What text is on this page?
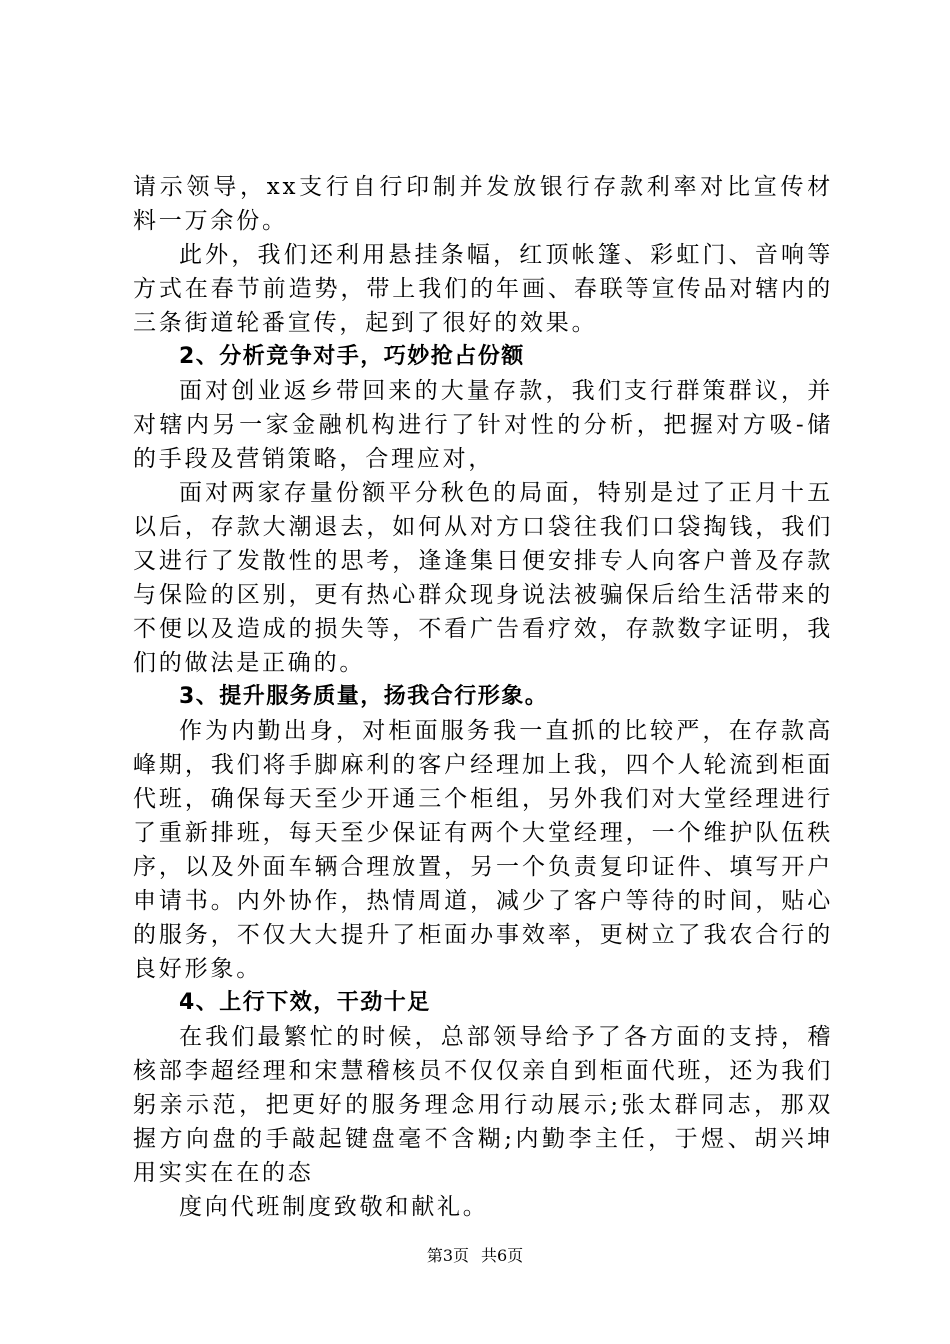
请示领导，xx支行自行印制并发放银行存款利率对比宣传材料一万余份。

此外，我们还利用悬挂条幅，红顶帐篷、彩虹门、音响等方式在春节前造势，带上我们的年画、春联等宣传品对辖内的三条街道轮番宣传，起到了很好的效果。

2、分析竞争对手，巧妙抢占份额

面对创业返乡带回来的大量存款，我们支行群策群议，并对辖内另一家金融机构进行了针对性的分析，把握对方吸-储的手段及营销策略，合理应对，

面对两家存量份额平分秋色的局面，特别是过了正月十五以后，存款大潮退去，如何从对方口袋往我们口袋掏钱，我们又进行了发散性的思考，逢逢集日便安排专人向客户普及存款与保险的区别，更有热心群众现身说法被骗保后给生活带来的不便以及造成的损失等，不看广告看疗效，存款数字证明，我们的做法是正确的。

3、提升服务质量，扬我合行形象。

作为内勤出身，对柜面服务我一直抓的比较严，在存款高峰期，我们将手脚麻利的客户经理加上我，四个人轮流到柜面代班，确保每天至少开通三个柜组，另外我们对大堂经理进行了重新排班，每天至少保证有两个大堂经理，一个维护队伍秩序，以及外面车辆合理放置，另一个负责复印证件、填写开户申请书。内外协作，热情周道，减少了客户等待的时间，贴心的服务，不仅大大提升了柜面办事效率，更树立了我农合行的良好形象。

4、上行下效，干劲十足

在我们最繁忙的时候，总部领导给予了各方面的支持，稽核部李超经理和宋慧稽核员不仅仅亲自到柜面代班，还为我们躬亲示范，把更好的服务理念用行动展示;张太群同志，那双握方向盘的手敲起键盘毫不含糊;内勤李主任，于煜、胡兴坤用实实在在的态

度向代班制度致敬和献礼。

第3页 共6页
